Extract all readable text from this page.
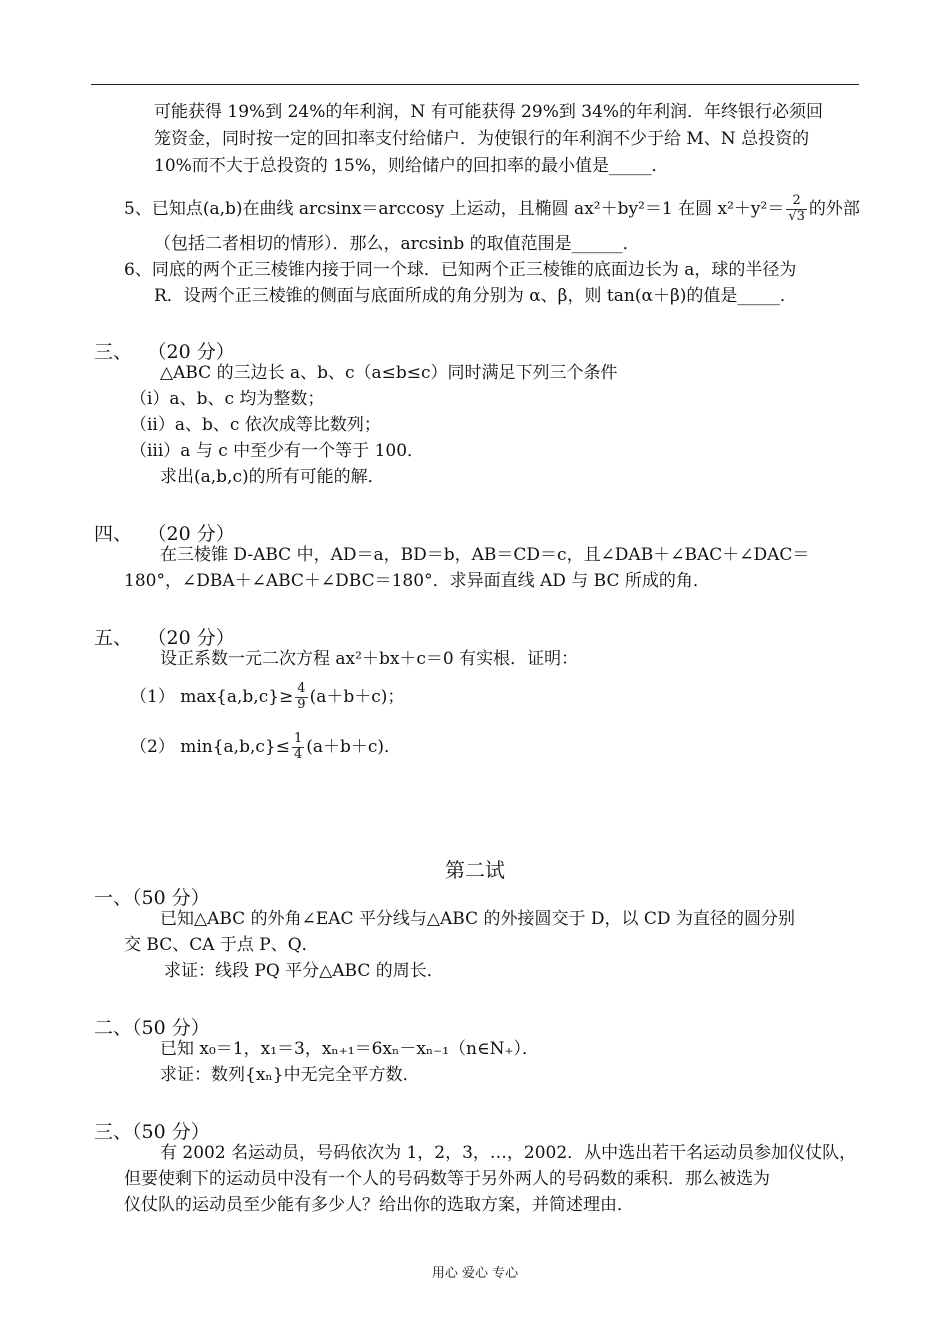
可能获得 19%到 24%的年利润，N 有可能获得 29%到 34%的年利润．年终银行必须回
笼资金，同时按一定的回扣率支付给储户．为使银行的年利润不少于给 M、N 总投资的
10%而不大于总投资的 15%，则给储户的回扣率的最小值是_____．
5、已知点(a,b)在曲线 arcsinx＝arccosy 上运动，且椭圆 ax²＋by²＝1 在圆 $x^2+y^2= \frac{2}{√3}$ 的外部
（包括二者相切的情形）．那么，arcsinb 的取值范围是______．
6、同底的两个正三棱锥内接于同一个球．已知两个正三棱锥的底面边长为 a，球的半径为
R．设两个正三棱锥的侧面与底面所成的角分别为 α、β，则 tan(α＋β)的值是_____．
三、　 （20 分）
△ABC 的三边长 a、b、c（a≤b≤c）同时满足下列三个条件
（i）a、b、c 均为整数；
（ii）a、b、c 依次成等比数列；
（iii）a 与 c 中至少有一个等于 100．
求出(a,b,c)的所有可能的解．
四、　 （20 分）
在三棱锥 D-ABC 中，AD＝a，BD＝b，AB＝CD＝c，且∠DAB＋∠BAC＋∠DAC＝
180°，∠DBA＋∠ABC＋∠DBC＝180°．求异面直线 AD 与 BC 所成的角．
五、　 （20 分）
设正系数一元二次方程 ax²＋bx＋c＝0 有实根．证明：
（1） $\max\{a,b,c\}\ge \frac{4}{9} (a+b+c)$；
（2） $\min\{a,b,c\}\le \frac{1}{4} (a+b+c)$．
第二试
一、（50 分）
已知△ABC 的外角∠EAC 平分线与△ABC 的外接圆交于 D，以 CD 为直径的圆分别
交 BC、CA 于点 P、Q．
求证：线段 PQ 平分△ABC 的周长．
二、（50 分）
已知 x₀＝1，x₁＝3，xₙ₊₁＝6xₙ－xₙ₋₁（n∈N₊）．
求证：数列{xₙ}中无完全平方数．
三、（50 分）
有 2002 名运动员，号码依次为 1，2，3，…，2002．从中选出若干名运动员参加仪仗队，
但要使剩下的运动员中没有一个人的号码数等于另外两人的号码数的乘积．那么被选为
仪仗队的运动员至少能有多少人？给出你的选取方案，并简述理由．
用心 爱心 专心
